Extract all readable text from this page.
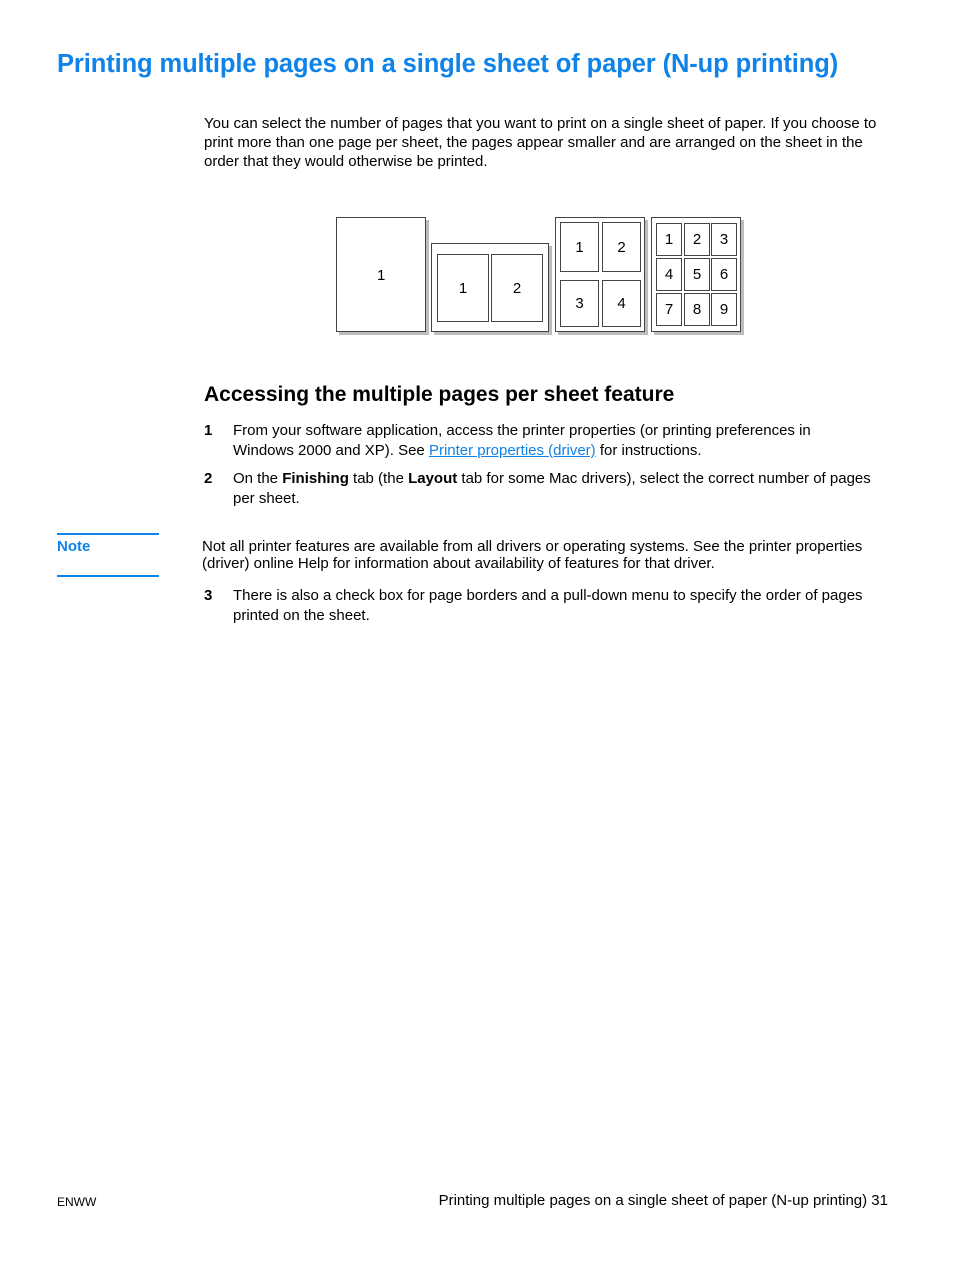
Printing multiple pages on a single sheet of paper (N-up printing)

You can select the number of pages that you want to print on a single sheet of paper. If you choose to print more than one page per sheet, the pages appear smaller and are arranged on the sheet in the order that they would otherwise be printed.

1
1	2
1	2
3	4
1	2	3
4	5	6
7	8	9
Accessing the multiple pages per sheet feature
1 From your software application, access the printer properties (or printing preferences in Windows 2000 and XP). See Printer properties (driver) for instructions.
2 On the Finishing tab (the Layout tab for some Mac drivers), select the correct number of pages per sheet.
Note	Not all printer features are available from all drivers or operating systems. See the printer properties (driver) online Help for information about availability of features for that driver.
3 There is also a check box for page borders and a pull-down menu to specify the order of pages printed on the sheet.
ENWW	Printing multiple pages on a single sheet of paper (N-up printing) 31
